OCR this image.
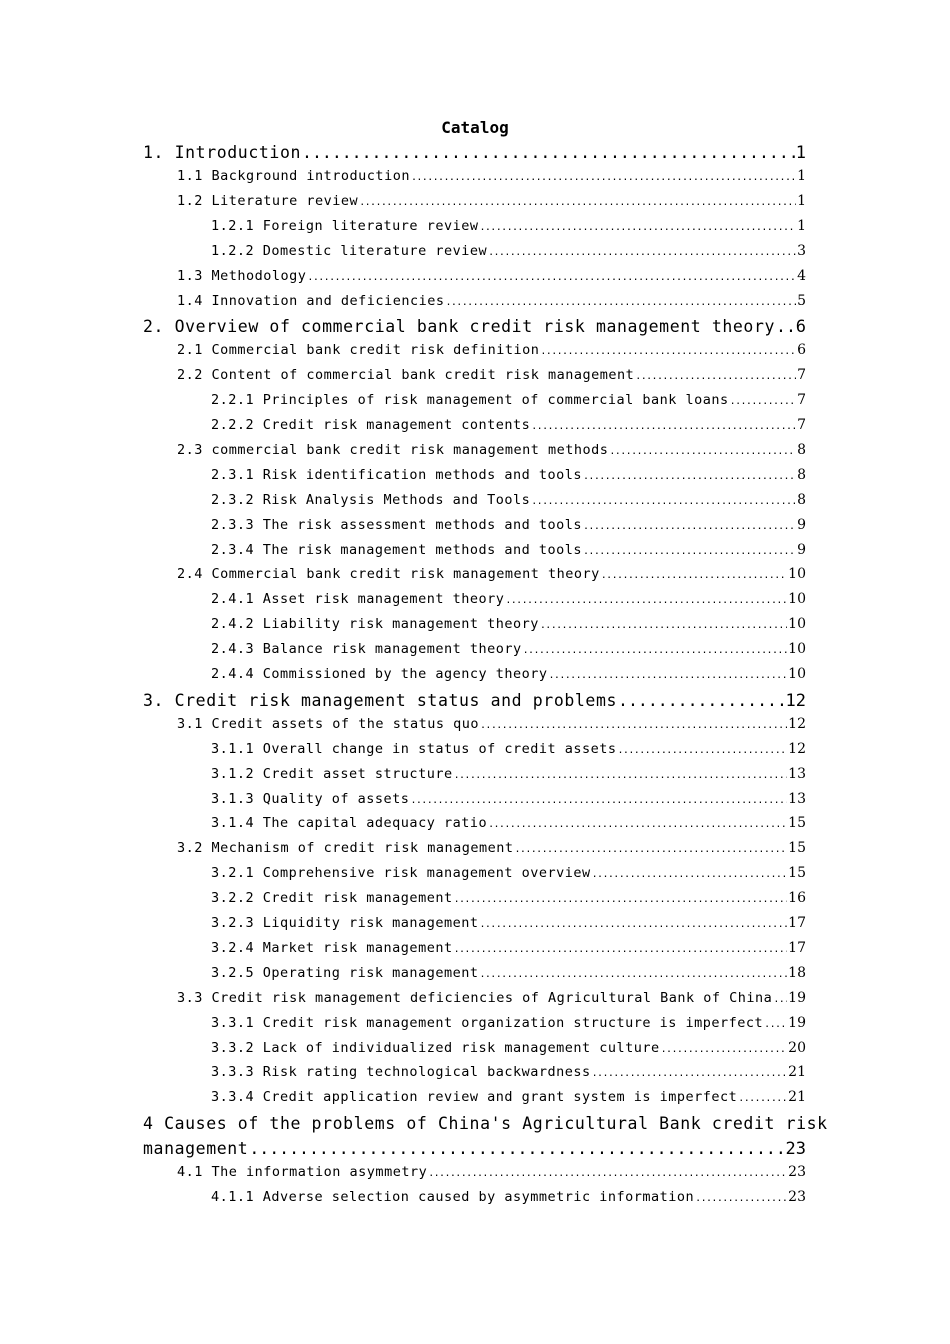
Catalog
1. Introduction .....	1
1.1 Background introduction .....	1
1.2 Literature review .....	1
1.2.1 Foreign literature review .....	1
1.2.2 Domestic literature review .....	3
1.3 Methodology .....	4
1.4 Innovation and deficiencies .....	5
2. Overview of commercial bank credit risk management theory ..... 6
2.1 Commercial bank credit risk definition .....	6
2.2 Content of commercial bank credit risk management .....	7
2.2.1 Principles of risk management of commercial bank loans .....	7
2.2.2 Credit risk management contents .....	7
2.3 commercial bank credit risk management methods .....	8
2.3.1 Risk identification methods and tools .....	8
2.3.2 Risk Analysis Methods and Tools .....	8
2.3.3 The risk assessment methods and tools .....	9
2.3.4 The risk management methods and tools .....	9
2.4 Commercial bank credit risk management theory .....	10
2.4.1 Asset risk management theory .....	10
2.4.2 Liability risk management theory .....	10
2.4.3 Balance risk management theory .....	10
2.4.4 Commissioned by the agency theory .....	10
3. Credit risk management status and problems .....	12
3.1 Credit assets of the status quo .....	12
3.1.1 Overall change in status of credit assets .....	12
3.1.2 Credit asset structure .....	13
3.1.3 Quality of assets .....	13
3.1.4 The capital adequacy ratio .....	15
3.2 Mechanism of credit risk management .....	15
3.2.1 Comprehensive risk management overview .....	15
3.2.2 Credit risk management .....	16
3.2.3 Liquidity risk management .....	17
3.2.4 Market risk management .....	17
3.2.5 Operating risk management .....	18
3.3 Credit risk management deficiencies of Agricultural Bank of China ..... 19
3.3.1 Credit risk management organization structure is imperfect ..... 19
3.3.2 Lack of individualized risk management culture .....	20
3.3.3 Risk rating technological backwardness .....	21
3.3.4 Credit application review and grant system is imperfect .....	21
4 Causes of the problems of China's Agricultural Bank credit risk
management .....	23
4.1 The information asymmetry .....	23
4.1.1 Adverse selection caused by asymmetric information .....	23
